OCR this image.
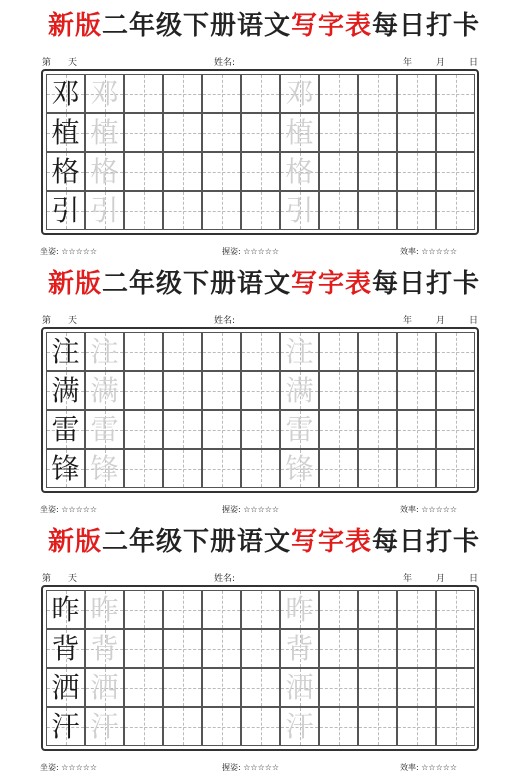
新版二年级下册语文写字表每日打卡
第 天	姓名:	年	月	日
邓 邓	邓
植 植	植
格 格	格
引 引	引
坐姿: ☆☆☆☆☆	握姿: ☆☆☆☆☆	效率: ☆☆☆☆☆
新版二年级下册语文写字表每日打卡
第 天	姓名:	年	月	日
注 注	注
满 满	满
雷 雷	雷
锋 锋	锋
坐姿: ☆☆☆☆☆	握姿: ☆☆☆☆☆	效率: ☆☆☆☆☆
新版二年级下册语文写字表每日打卡
第 天	姓名:	年	月	日
昨 昨	昨
背 背	背
洒 洒	洒
汗 汗	汗
坐姿: ☆☆☆☆☆	握姿: ☆☆☆☆☆	效率: ☆☆☆☆☆
